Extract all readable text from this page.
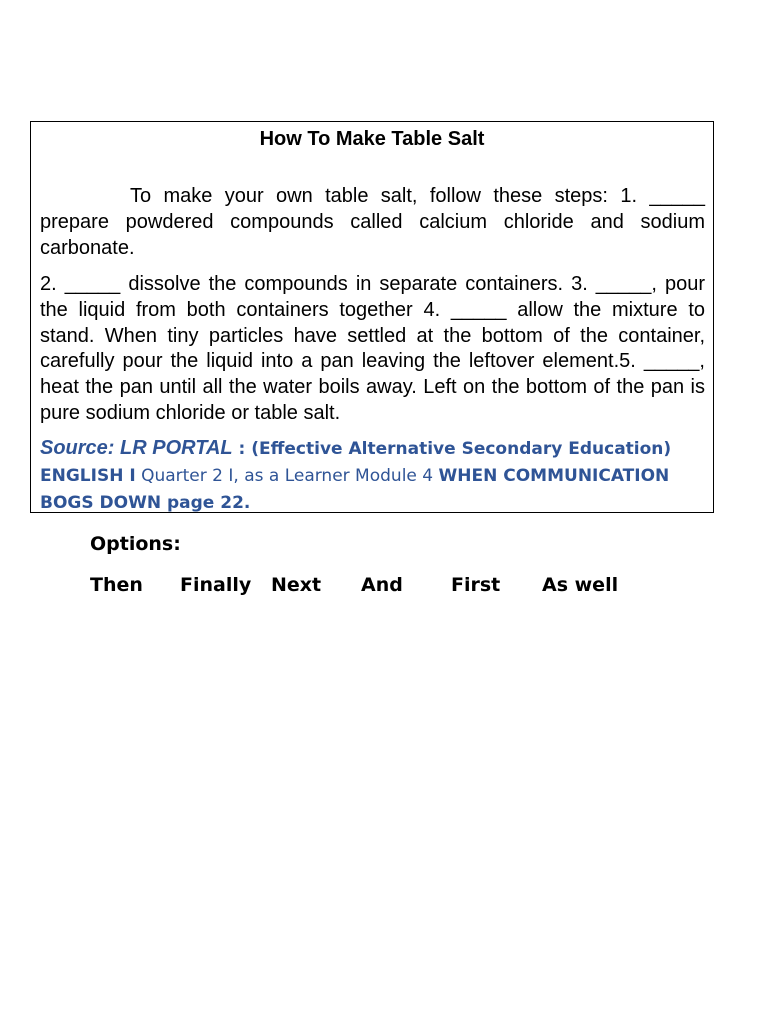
How To Make Table Salt

To make your own table salt, follow these steps: 1. _____ prepare powdered compounds called calcium chloride and sodium carbonate.

2. _____ dissolve the compounds in separate containers. 3. _____, pour the liquid from both containers together 4. _____ allow the mixture to stand. When tiny particles have settled at the bottom of the container, carefully pour the liquid into a pan leaving the leftover element.5. _____, heat the pan until all the water boils away. Left on the bottom of the pan is pure sodium chloride or table salt.

Source: LR PORTAL : (Effective Alternative Secondary Education) ENGLISH I Quarter 2 I, as a Learner Module 4 WHEN COMMUNICATION BOGS DOWN page 22.
Options:
Then Finally Next And	First As well
